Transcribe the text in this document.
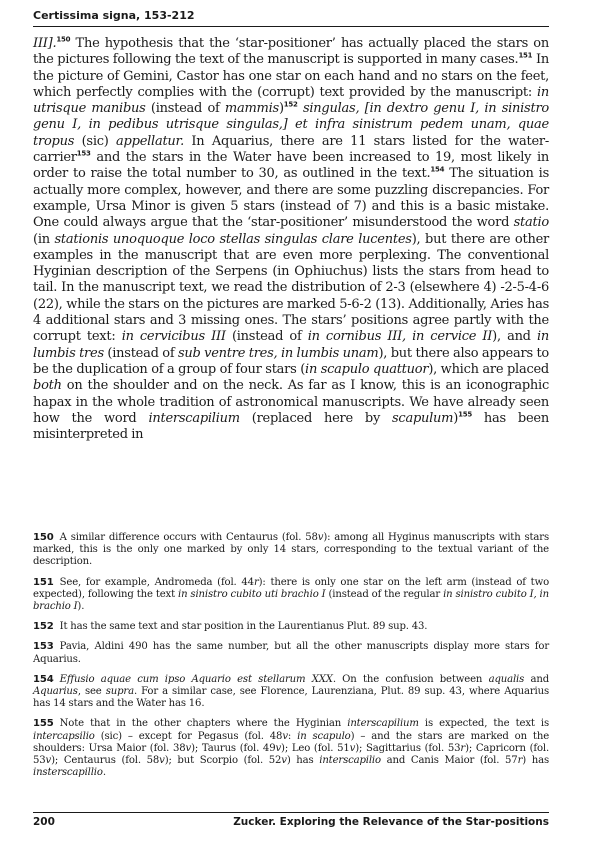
Certissima signa, 153-212

III].$^{150}$ The hypothesis that the ‘star-positioner’ has actually placed the stars on the pictures following the text of the manuscript is supported in many cases.$^{151}$ In the picture of Gemini, Castor has one star on each hand and no stars on the feet, which perfectly complies with the (corrupt) text provided by the manuscript: in utrisque manibus (instead of mammis)$^{152}$ singulas, [in dextro genu I, in sinistro genu I, in pedibus utrisque singulas,] et infra sinistrum pedem unam, quae tropus (sic) appellatur. In Aquarius, there are 11 stars listed for the water-carrier$^{153}$ and the stars in the Water have been increased to 19, most likely in order to raise the total number to 30, as outlined in the text.$^{154}$ The situation is actually more complex, however, and there are some puzzling discrepancies. For example, Ursa Minor is given 5 stars (instead of 7) and this is a basic mistake. One could always argue that the ‘star-positioner’ misunderstood the word statio (in stationis unoquoque loco stellas singulas clare lucentes), but there are other examples in the manuscript that are even more perplexing. The conventional Hyginian description of the Serpens (in Ophiuchus) lists the stars from head to tail. In the manuscript text, we read the distribution of 2-3 (elsewhere 4) -2-5-4-6 (22), while the stars on the pictures are marked 5-6-2 (13). Additionally, Aries has 4 additional stars and 3 missing ones. The stars’ positions agree partly with the corrupt text: in cervicibus III (instead of in cornibus III, in cervice II), and in lumbis tres (instead of sub ventre tres, in lumbis unam), but there also appears to be the duplication of a group of four stars (in scapulo quattuor), which are placed both on the shoulder and on the neck. As far as I know, this is an iconographic hapax in the whole tradition of astronomical manuscripts. We have already seen how the word interscapilium (replaced here by scapulum)$^{155}$ has been misinterpreted in

150 A similar difference occurs with Centaurus (fol. 58v): among all Hyginus manuscripts with stars marked, this is the only one marked by only 14 stars, corresponding to the textual variant of the description.

151 See, for example, Andromeda (fol. 44r): there is only one star on the left arm (instead of two expected), following the text in sinistro cubito uti brachio I (instead of the regular in sinistro cubito I, in brachio I).

152 It has the same text and star position in the Laurentianus Plut. 89 sup. 43.

153 Pavia, Aldini 490 has the same number, but all the other manuscripts display more stars for Aquarius.

154 Effusio aquae cum ipso Aquario est stellarum XXX. On the confusion between aqualis and Aquarius, see supra. For a similar case, see Florence, Laurenziana, Plut. 89 sup. 43, where Aquarius has 14 stars and the Water has 16.

155 Note that in the other chapters where the Hyginian interscapilium is expected, the text is intercapsilio (sic) – except for Pegasus (fol. 48v: in scapulo) – and the stars are marked on the shoulders: Ursa Maior (fol. 38v); Taurus (fol. 49v); Leo (fol. 51v); Sagittarius (fol. 53r); Capricorn (fol. 53v); Centaurus (fol. 58v); but Scorpio (fol. 52v) has interscapilio and Canis Maior (fol. 57r) has insterscapillio.

200	Zucker. Exploring the Relevance of the Star-positions
